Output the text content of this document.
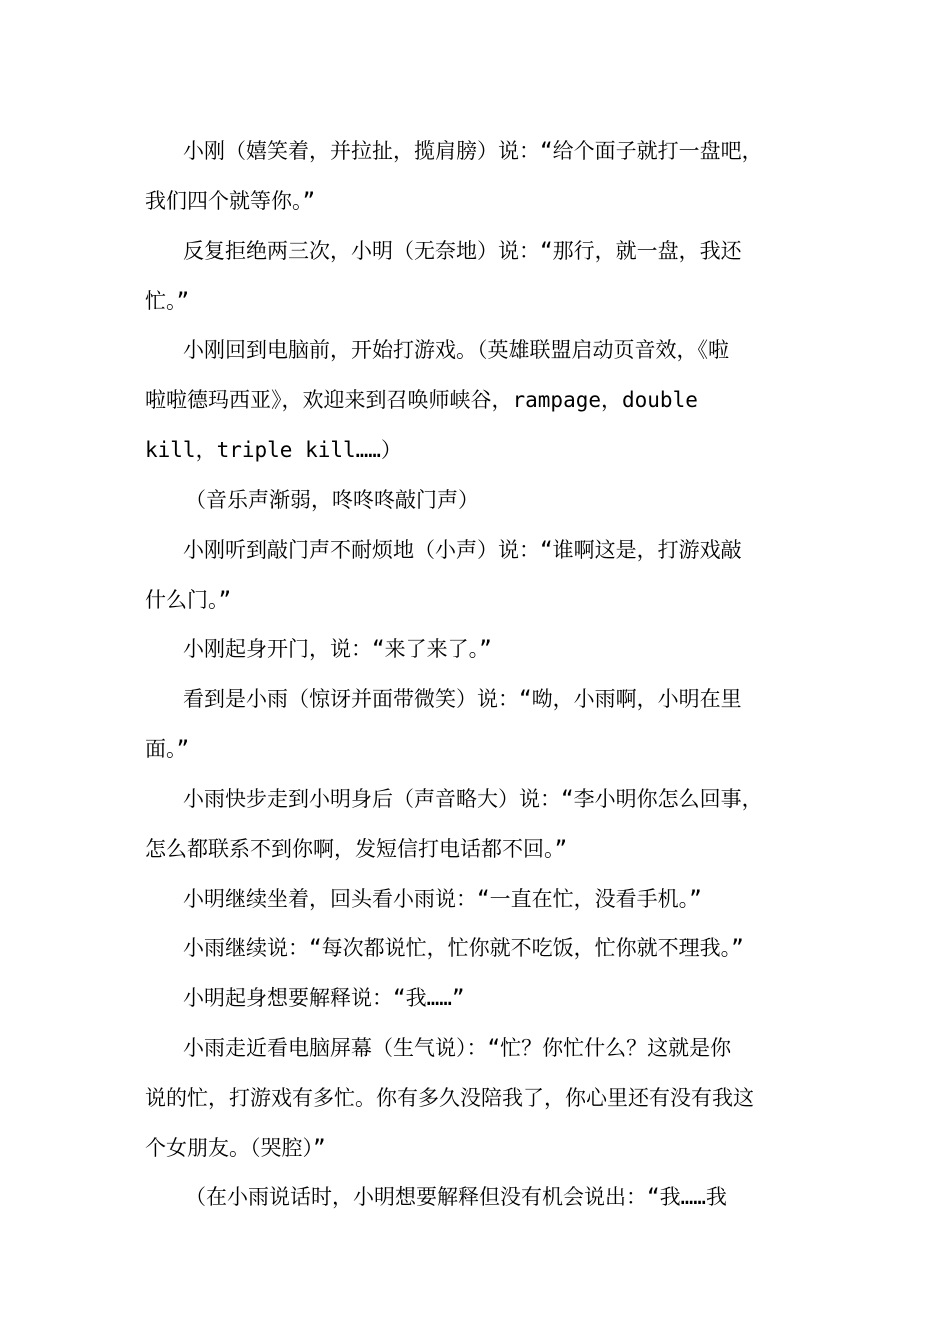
小刚（嬉笑着，并拉扯，揽肩膀）说：“给个面子就打一盘吧，

我们四个就等你。”

反复拒绝两三次，小明（无奈地）说：“那行，就一盘，我还

忙。”

小刚回到电脑前，开始打游戏。（英雄联盟启动页音效，《啦

啦啦德玛西亚》，欢迎来到召唤师峡谷，rampage，double

kill，triple kill……）

（音乐声渐弱，咚咚咚敲门声）

小刚听到敲门声不耐烦地（小声）说：“谁啊这是，打游戏敲

什么门。”

小刚起身开门，说：“来了来了。”

看到是小雨（惊讶并面带微笑）说：“呦，小雨啊，小明在里

面。”

小雨快步走到小明身后（声音略大）说：“李小明你怎么回事，

怎么都联系不到你啊，发短信打电话都不回。”

小明继续坐着，回头看小雨说：“一直在忙，没看手机。”

小雨继续说：“每次都说忙，忙你就不吃饭，忙你就不理我。”

小明起身想要解释说：“我……”

小雨走近看电脑屏幕（生气说）：“忙？你忙什么？这就是你

说的忙，打游戏有多忙。你有多久没陪我了，你心里还有没有我这

个女朋友。（哭腔）”

（在小雨说话时，小明想要解释但没有机会说出：“我……我
